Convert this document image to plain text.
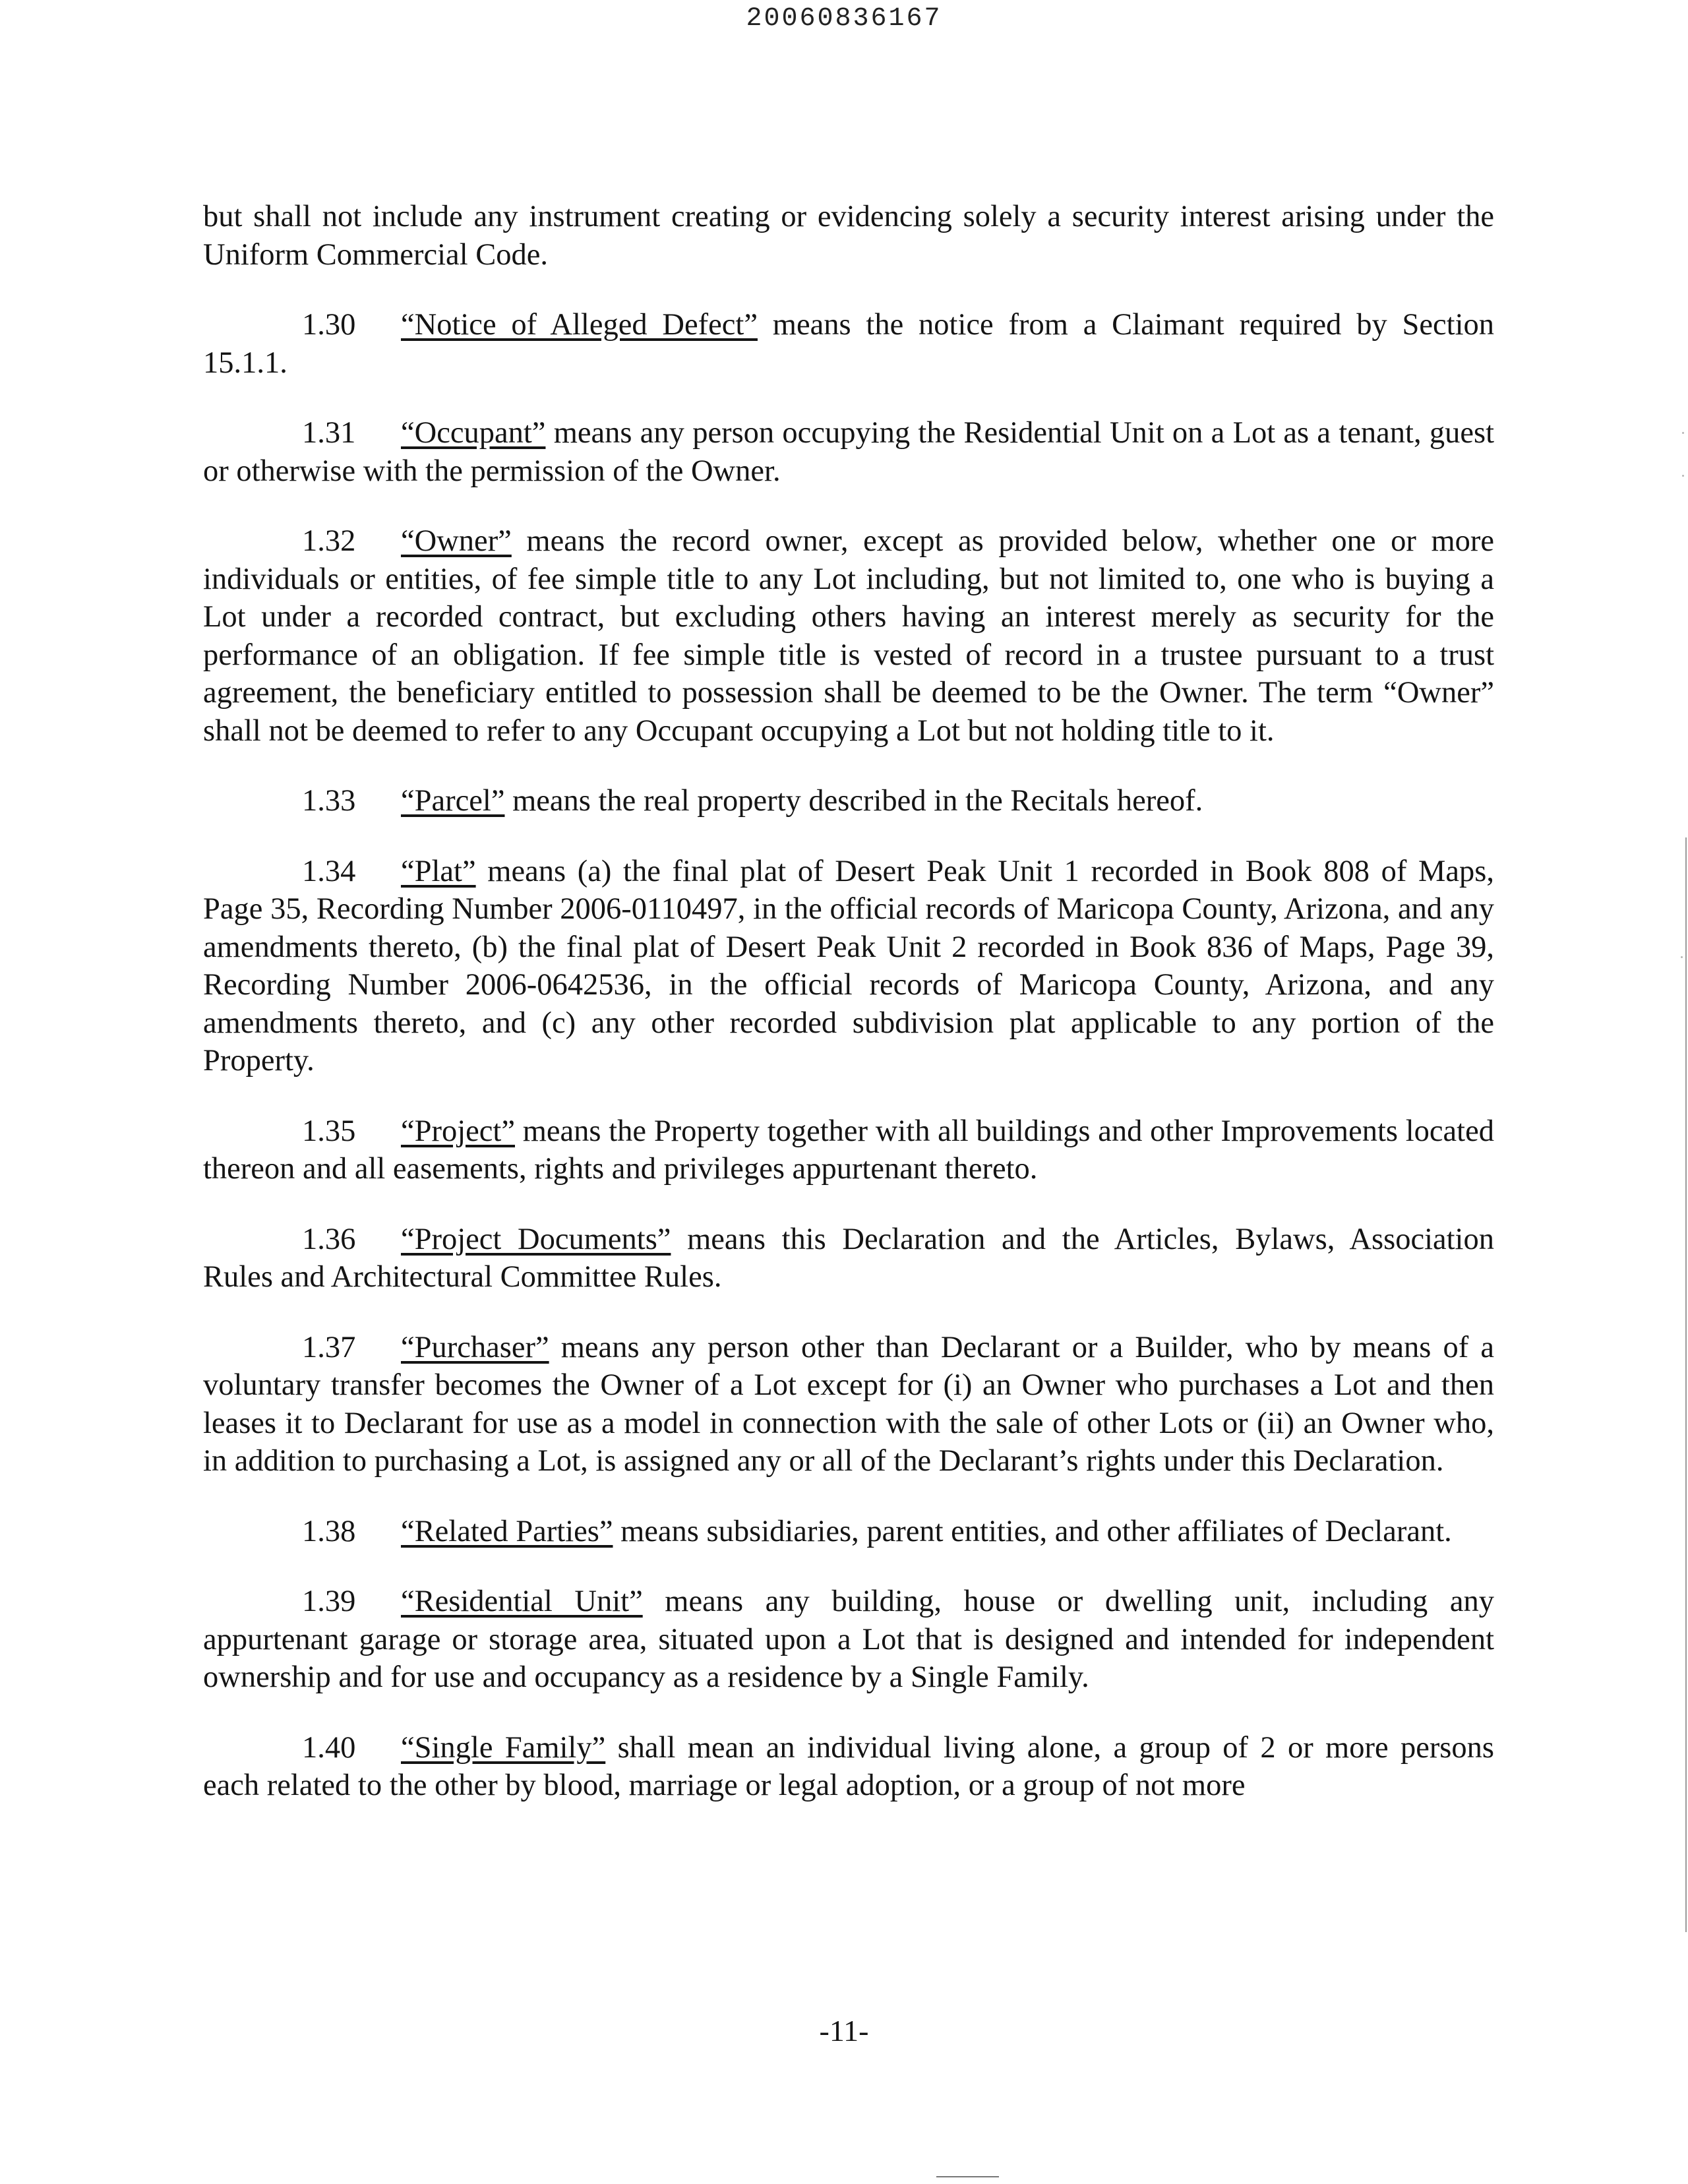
20060836167

but shall not include any instrument creating or evidencing solely a security interest arising under the Uniform Commercial Code.

1.30 “Notice of Alleged Defect” means the notice from a Claimant required by Section 15.1.1.

1.31 “Occupant” means any person occupying the Residential Unit on a Lot as a tenant, guest or otherwise with the permission of the Owner.

1.32 “Owner” means the record owner, except as provided below, whether one or more individuals or entities, of fee simple title to any Lot including, but not limited to, one who is buying a Lot under a recorded contract, but excluding others having an interest merely as security for the performance of an obligation. If fee simple title is vested of record in a trustee pursuant to a trust agreement, the beneficiary entitled to possession shall be deemed to be the Owner. The term “Owner” shall not be deemed to refer to any Occupant occupying a Lot but not holding title to it.

1.33 “Parcel” means the real property described in the Recitals hereof.

1.34 “Plat” means (a) the final plat of Desert Peak Unit 1 recorded in Book 808 of Maps, Page 35, Recording Number 2006-0110497, in the official records of Maricopa County, Arizona, and any amendments thereto, (b) the final plat of Desert Peak Unit 2 recorded in Book 836 of Maps, Page 39, Recording Number 2006-0642536, in the official records of Maricopa County, Arizona, and any amendments thereto, and (c) any other recorded subdivision plat applicable to any portion of the Property.

1.35 “Project” means the Property together with all buildings and other Improvements located thereon and all easements, rights and privileges appurtenant thereto.

1.36 “Project Documents” means this Declaration and the Articles, Bylaws, Association Rules and Architectural Committee Rules.

1.37 “Purchaser” means any person other than Declarant or a Builder, who by means of a voluntary transfer becomes the Owner of a Lot except for (i) an Owner who purchases a Lot and then leases it to Declarant for use as a model in connection with the sale of other Lots or (ii) an Owner who, in addition to purchasing a Lot, is assigned any or all of the Declarant’s rights under this Declaration.

1.38 “Related Parties” means subsidiaries, parent entities, and other affiliates of Declarant.

1.39 “Residential Unit” means any building, house or dwelling unit, including any appurtenant garage or storage area, situated upon a Lot that is designed and intended for independent ownership and for use and occupancy as a residence by a Single Family.

1.40 “Single Family” shall mean an individual living alone, a group of 2 or more persons each related to the other by blood, marriage or legal adoption, or a group of not more

-11-
